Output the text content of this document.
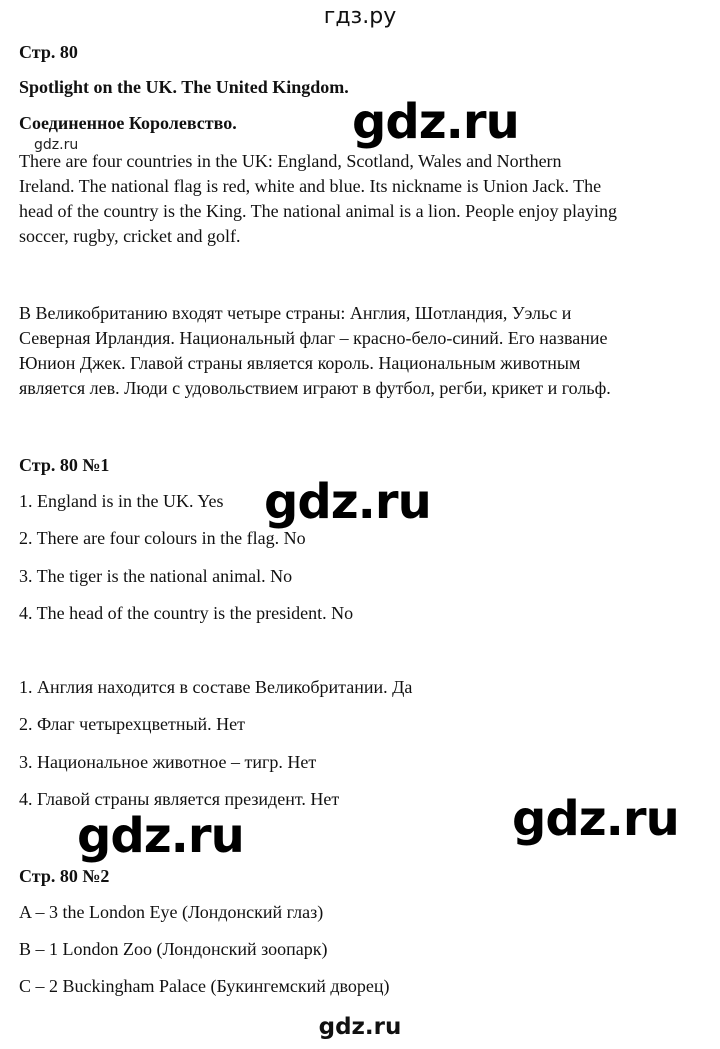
гдз.ру
Стр. 80
Spotlight on the UK. The United Kingdom.
Соединенное Королевство.
gdz.ru	gdz.ru
There are four countries in the UK: England, Scotland, Wales and Northern
Ireland. The national flag is red, white and blue. Its nickname is Union Jack. The
head of the country is the King. The national animal is a lion. People enjoy playing
soccer, rugby, cricket and golf.
В Великобританию входят четыре страны: Англия, Шотландия, Уэльс и
Северная Ирландия. Национальный флаг – красно-бело-синий. Его название
Юнион Джек. Главой страны является король. Национальным животным
является лев. Люди с удовольствием играют в футбол, регби, крикет и гольф.
Стр. 80 №1
gdz.ru
1. England is in the UK. Yes
2. There are four colours in the flag. No
3. The tiger is the national animal. No
4. The head of the country is the president. No
1. Англия находится в составе Великобритании. Да
2. Флаг четырехцветный. Нет
3. Национальное животное – тигр. Нет
4. Главой страны является президент. Нет	gdz.ru
gdz.ru
Стр. 80 №2
A – 3 the London Eye (Лондонский глаз)
B – 1 London Zoo (Лондонский зоопарк)
C – 2 Buckingham Palace (Букингемский дворец)
gdz.ru
